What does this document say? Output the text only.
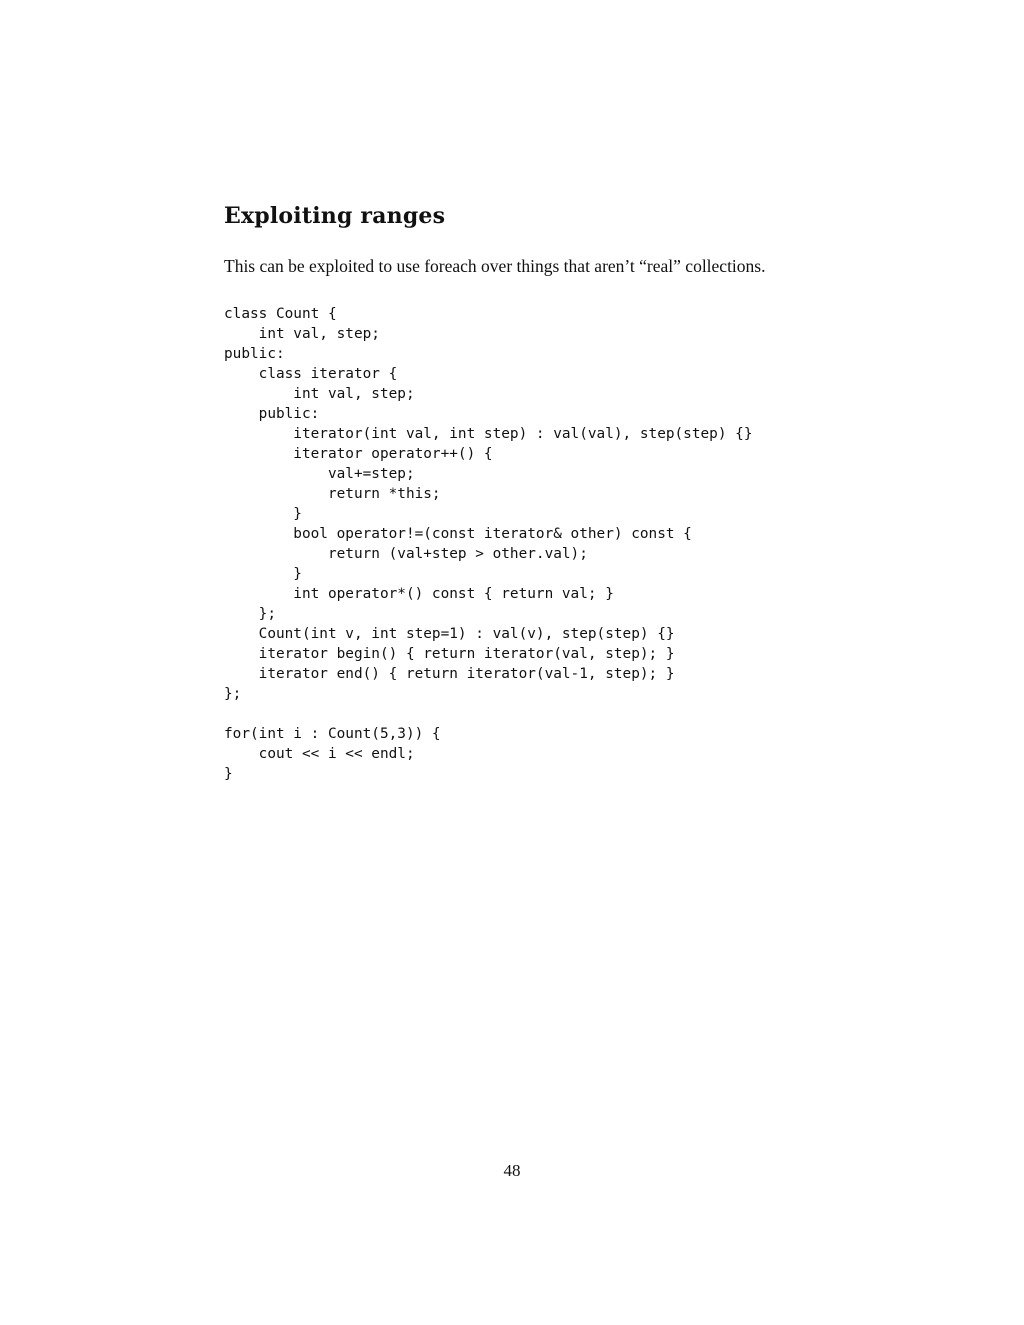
Exploiting ranges

This can be exploited to use foreach over things that aren’t “real” collections.

class Count {
int val, step;
public:
class iterator {
int val, step;
public:
iterator(int val, int step) : val(val), step(step) {}
iterator operator++() {
val+=step;
return *this;
}
bool operator!=(const iterator& other) const {
return (val+step > other.val);
}
int operator*() const { return val; }
};
Count(int v, int step=1) : val(v), step(step) {}
iterator begin() { return iterator(val, step); }
iterator end() { return iterator(val-1, step); }
};
for(int i : Count(5,3)) {
cout << i << endl;
}
48
